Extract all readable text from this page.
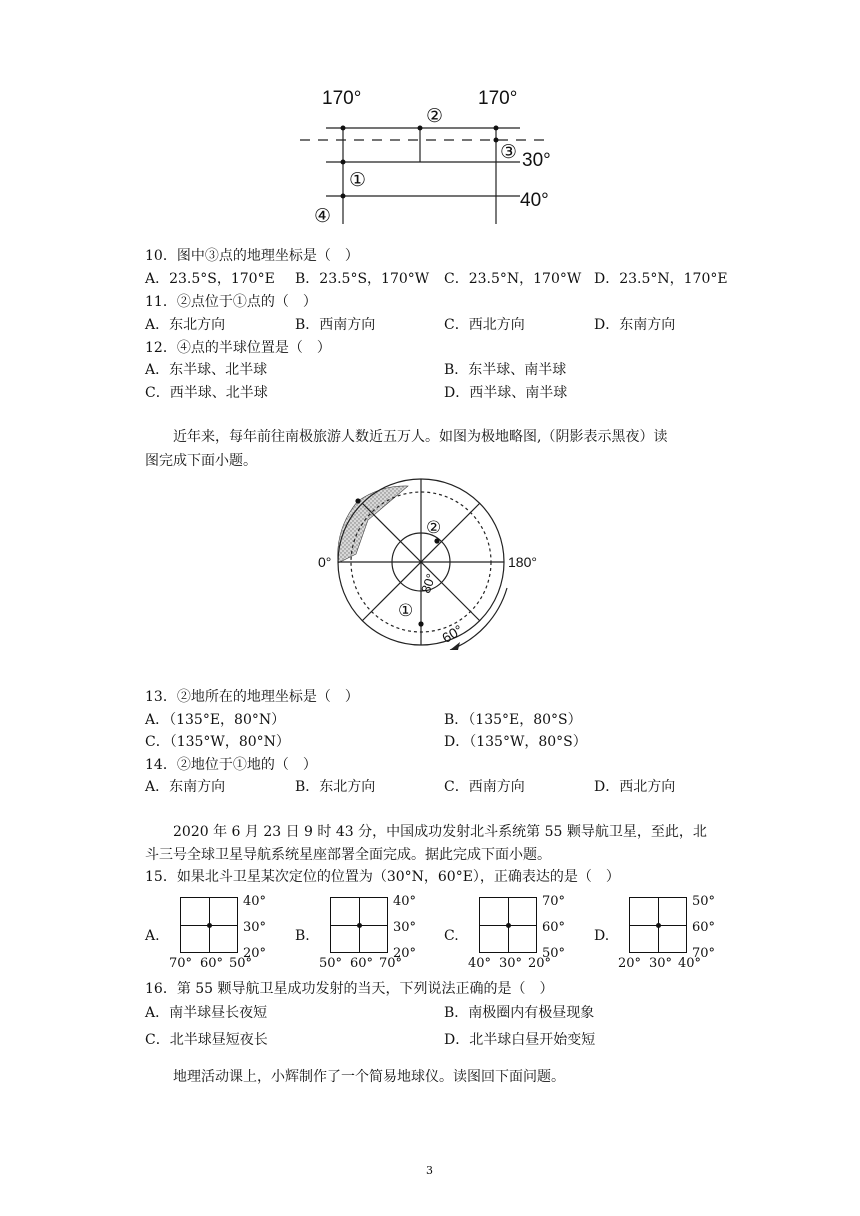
170°	170°
②
③ 30°
①
40°
④
10．图中③点的地理坐标是（　）
A．23.5°S，170°E B．23.5°S，170°W C．23.5°N，170°W D．23.5°N，170°E
11．②点位于①点的（　）
A．东北方向	B．西南方向	C．西北方向	D．东南方向
12．④点的半球位置是（　）
A．东半球、北半球	B．东半球、南半球
C．西半球、北半球	D．西半球、南半球
近年来，每年前往南极旅游人数近五万人。如图为极地略图,（阴影表示黑夜）读
图完成下面小题。
0°	180°
②
①
80°
60°
13．②地所在的地理坐标是（　）
A．（135°E，80°N）	B．（135°E，80°S）
C．（135°W，80°N）	D．（135°W，80°S）
14．②地位于①地的（　）
A．东南方向	B．东北方向	C．西南方向	D．西北方向
2020 年 6 月 23 日 9 时 43 分，中国成功发射北斗系统第 55 颗导航卫星，至此，北
斗三号全球卫星导航系统星座部署全面完成。据此完成下面小题。
15．如果北斗卫星某次定位的位置为（30°N，60°E），正确表达的是（　）
A.
40°
30°
20°
70° 60° 50°
B.
40°
30°
20°
50° 60° 70°
C.
70°
60°
50°
40° 30° 20°
D.
50°
60°
70°
20° 30° 40°
16．第 55 颗导航卫星成功发射的当天，下列说法正确的是（　）
A．南半球昼长夜短	B．南极圈内有极昼现象
C．北半球昼短夜长	D．北半球白昼开始变短
地理活动课上，小辉制作了一个简易地球仪。读图回下面问题。
3
